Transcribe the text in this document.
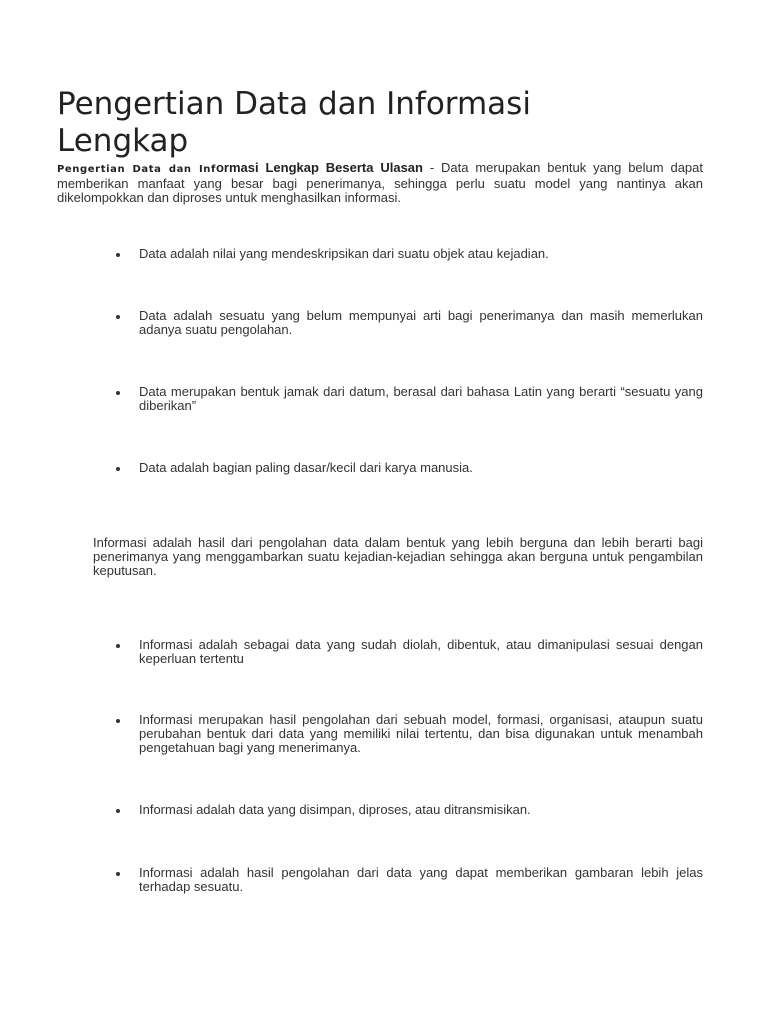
Pengertian Data dan Informasi Lengkap

Pengertian Data dan Informasi Lengkap Beserta Ulasan - Data merupakan bentuk yang belum dapat memberikan manfaat yang besar bagi penerimanya, sehingga perlu suatu model yang nantinya akan dikelompokkan dan diproses untuk menghasilkan informasi.

Data adalah nilai yang mendeskripsikan dari suatu objek atau kejadian.
Data adalah sesuatu yang belum mempunyai arti bagi penerimanya dan masih memerlukan adanya suatu pengolahan.
Data merupakan bentuk jamak dari datum, berasal dari bahasa Latin yang berarti “sesuatu yang diberikan”
Data adalah bagian paling dasar/kecil dari karya manusia.

Informasi adalah hasil dari pengolahan data dalam bentuk yang lebih berguna dan lebih berarti bagi penerimanya yang menggambarkan suatu kejadian-kejadian sehingga akan berguna untuk pengambilan keputusan.

Informasi adalah sebagai data yang sudah diolah, dibentuk, atau dimanipulasi sesuai dengan keperluan tertentu
Informasi merupakan hasil pengolahan dari sebuah model, formasi, organisasi, ataupun suatu perubahan bentuk dari data yang memiliki nilai tertentu, dan bisa digunakan untuk menambah pengetahuan bagi yang menerimanya.
Informasi adalah data yang disimpan, diproses, atau ditransmisikan.
Informasi adalah hasil pengolahan dari data yang dapat memberikan gambaran lebih jelas terhadap sesuatu.
